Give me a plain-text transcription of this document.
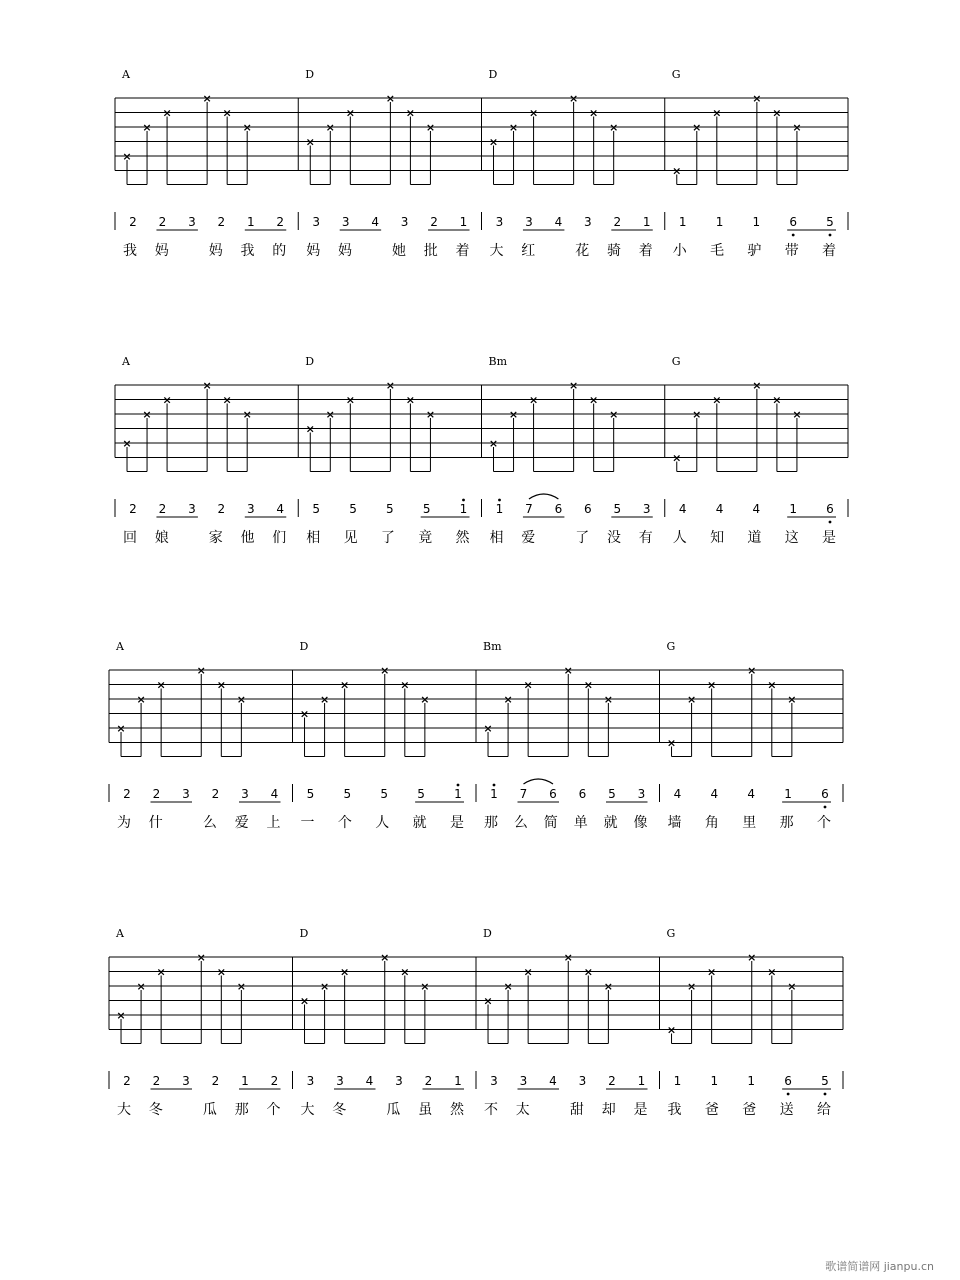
A
×
×
×
×
×
×
2 2 3 2 1 2
我妈 妈我的
D
×
×
×
×
×
×
3 3 4 3 2 1
妈妈 她批着
D
×
×
×
×
×
×
3 3 4 3 2 1
大红 花骑着
G
×
×
×
×
×
×
1 1 1 6 5
小毛驴带着
A
×
×
×
×
×
×
2 2 3 2 3 4
回娘 家他们
D
×
×
×
×
×
×
5 5 5 5 1
相见了竟然
Bm
×
×
×
×
×
×
1 7 6 6 5 3
相爱 了没有
G
×
×
×
×
×
×
4 4 4 1 6
人知道这是
A
×
×
×
×
×
×
2 2 3 2 3 4
为什 么爱上
D
×
×
×
×
×
×
5 5 5 5 1
一个人就是
Bm
×
×
×
×
×
×
1 7 6 6 5 3
那么简单就像
G
×
×
×
×
×
×
4 4 4 1 6
墙角里那个
A
×
×
×
×
×
×
2 2 3 2 1 2
大冬 瓜那个
D
×
×
×
×
×
×
3 3 4 3 2 1
大冬 瓜虽然
D
×
×
×
×
×
×
3 3 4 3 2 1
不太 甜却是
G
×
×
×
×
×
×
1 1 1 6 5
我爸爸送给
歌谱简谱网 jianpu.cn
